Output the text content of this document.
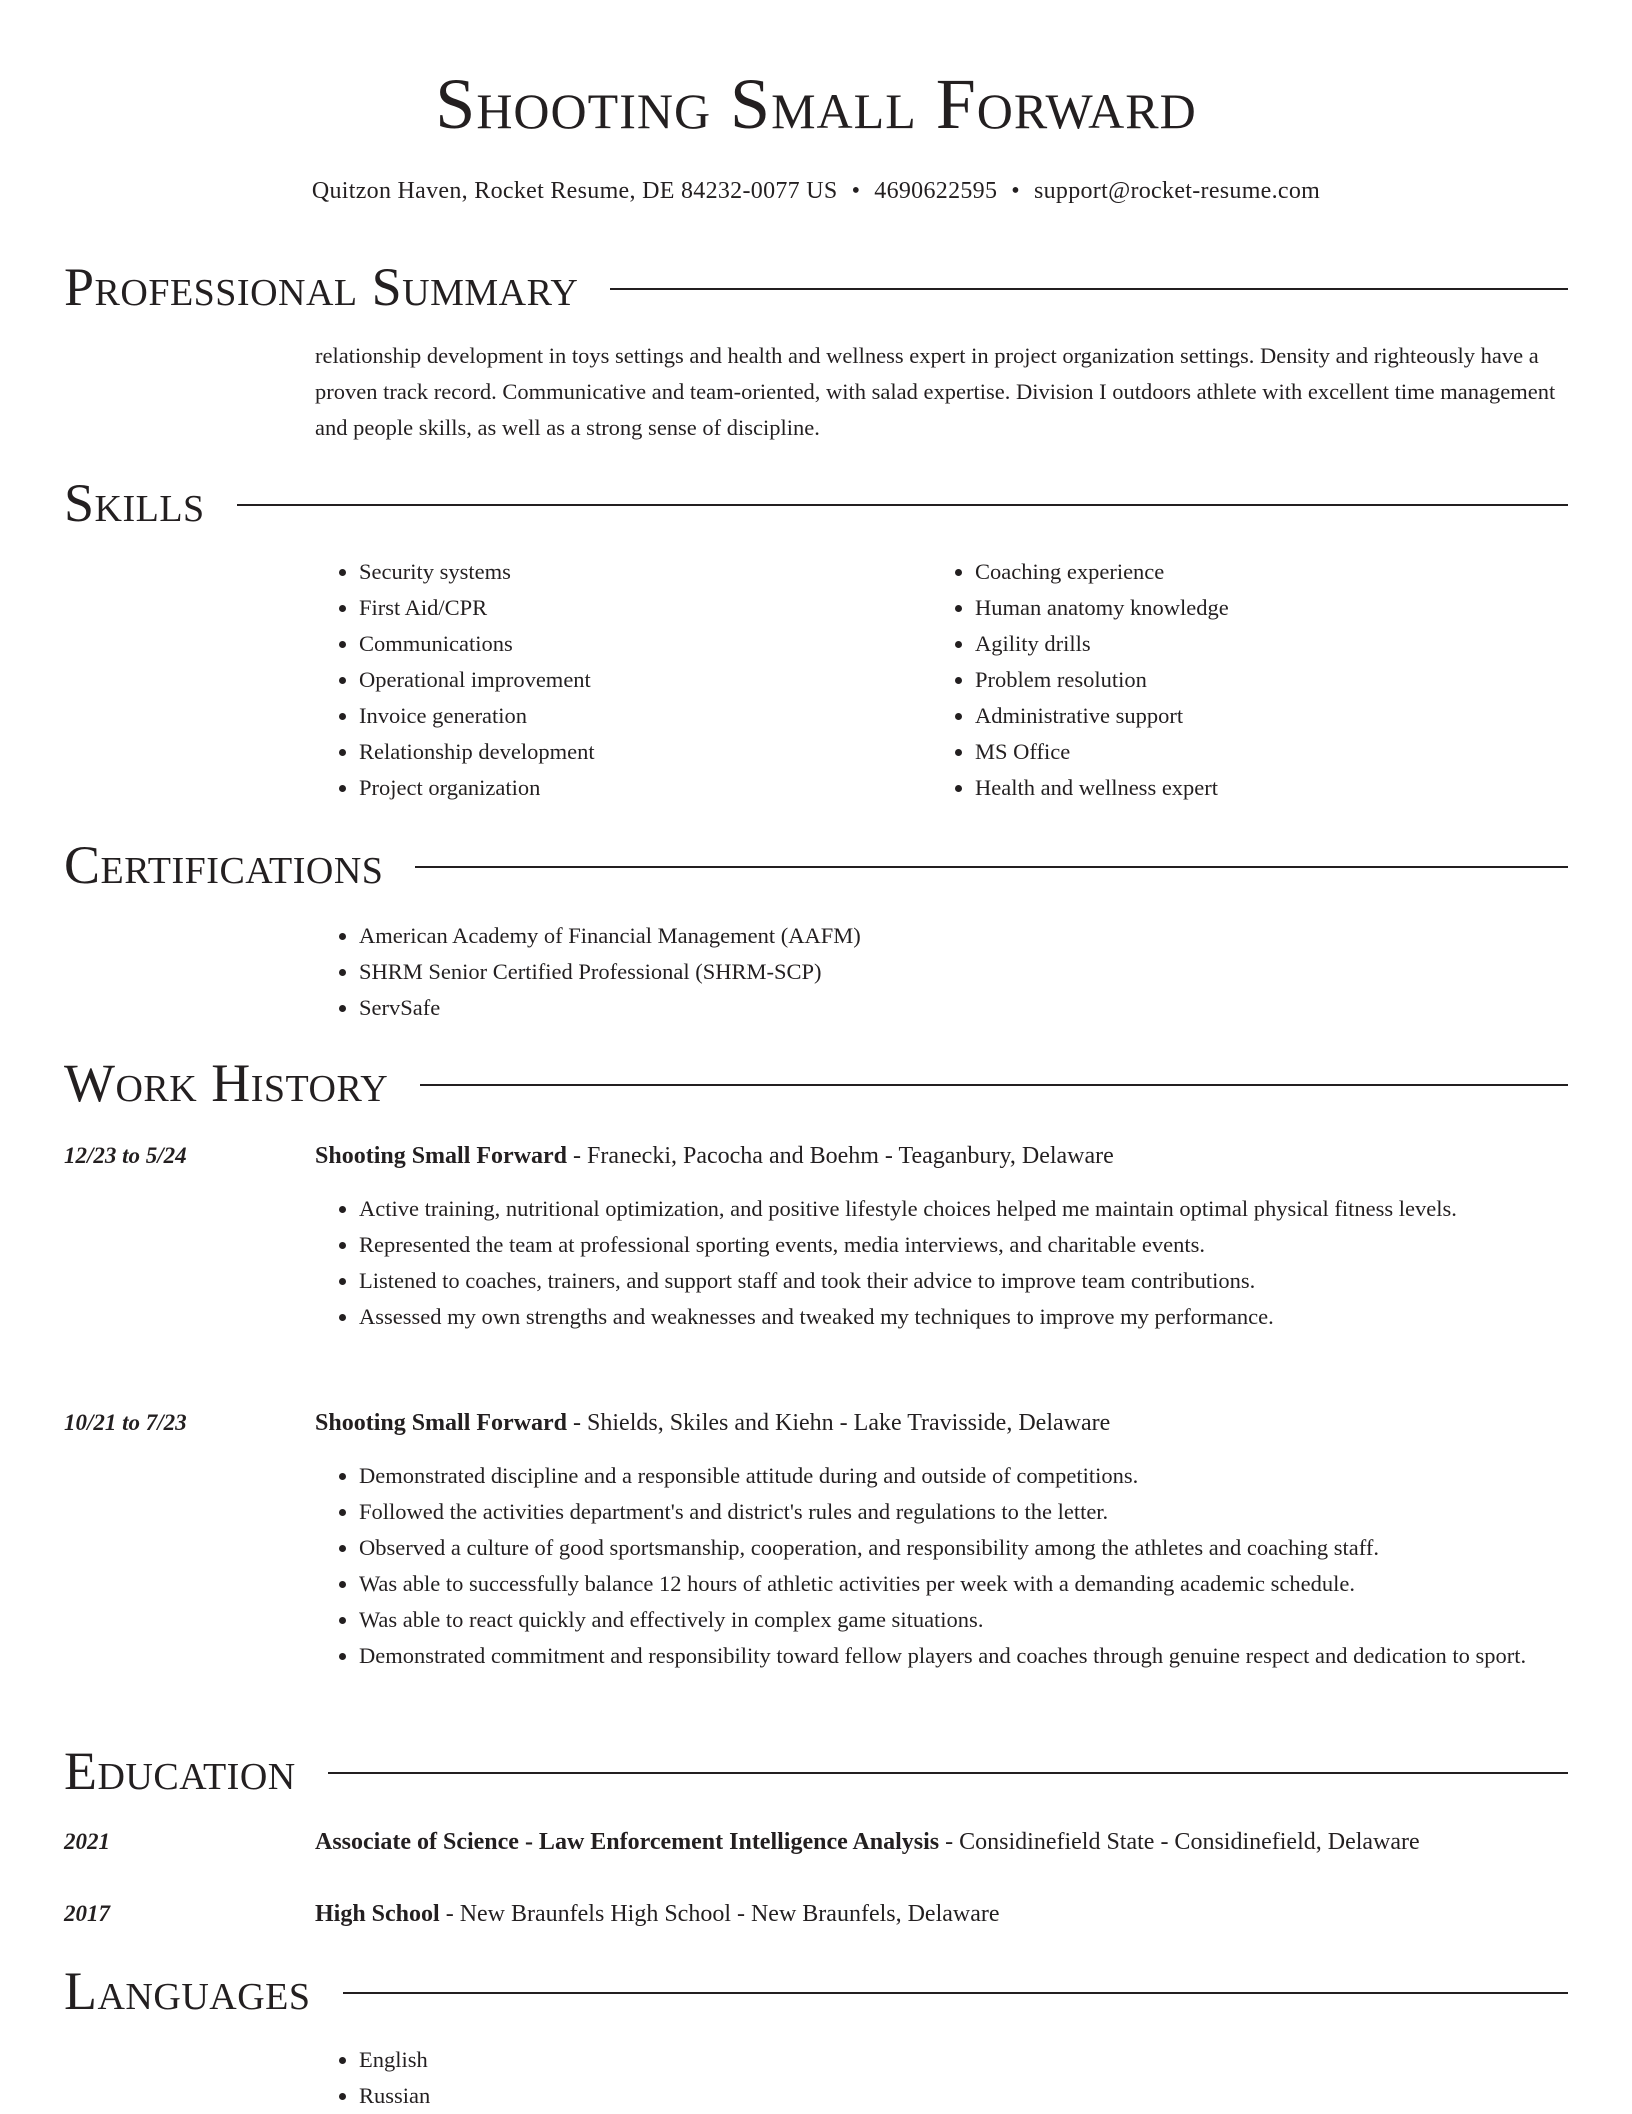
Shooting Small Forward
Quitzon Haven, Rocket Resume, DE 84232-0077 US • 4690622595 • support@rocket-resume.com
Professional Summary

relationship development in toys settings and health and wellness expert in project organization settings. Density and righteously have a proven track record. Communicative and team-oriented, with salad expertise. Division I outdoors athlete with excellent time management and people skills, as well as a strong sense of discipline.

Skills
• Security systems
• First Aid/CPR
• Communications
• Operational improvement
• Invoice generation
• Relationship development
• Project organization
• Coaching experience
• Human anatomy knowledge
• Agility drills
• Problem resolution
• Administrative support
• MS Office
• Health and wellness expert
Certifications
• American Academy of Financial Management (AAFM)
• SHRM Senior Certified Professional (SHRM-SCP)
• ServSafe
Work History
12/23 to 5/24	Shooting Small Forward - Franecki, Pacocha and Boehm - Teaganbury, Delaware
• Active training, nutritional optimization, and positive lifestyle choices helped me maintain optimal physical fitness levels.
• Represented the team at professional sporting events, media interviews, and charitable events.
• Listened to coaches, trainers, and support staff and took their advice to improve team contributions.
• Assessed my own strengths and weaknesses and tweaked my techniques to improve my performance.
10/21 to 7/23	Shooting Small Forward - Shields, Skiles and Kiehn - Lake Travisside, Delaware
• Demonstrated discipline and a responsible attitude during and outside of competitions.
• Followed the activities department's and district's rules and regulations to the letter.
• Observed a culture of good sportsmanship, cooperation, and responsibility among the athletes and coaching staff.
• Was able to successfully balance 12 hours of athletic activities per week with a demanding academic schedule.
• Was able to react quickly and effectively in complex game situations.
• Demonstrated commitment and responsibility toward fellow players and coaches through genuine respect and dedication to sport.
Education
2021	Associate of Science - Law Enforcement Intelligence Analysis - Considinefield State - Considinefield, Delaware
2017	High School - New Braunfels High School - New Braunfels, Delaware
Languages
• English
• Russian
